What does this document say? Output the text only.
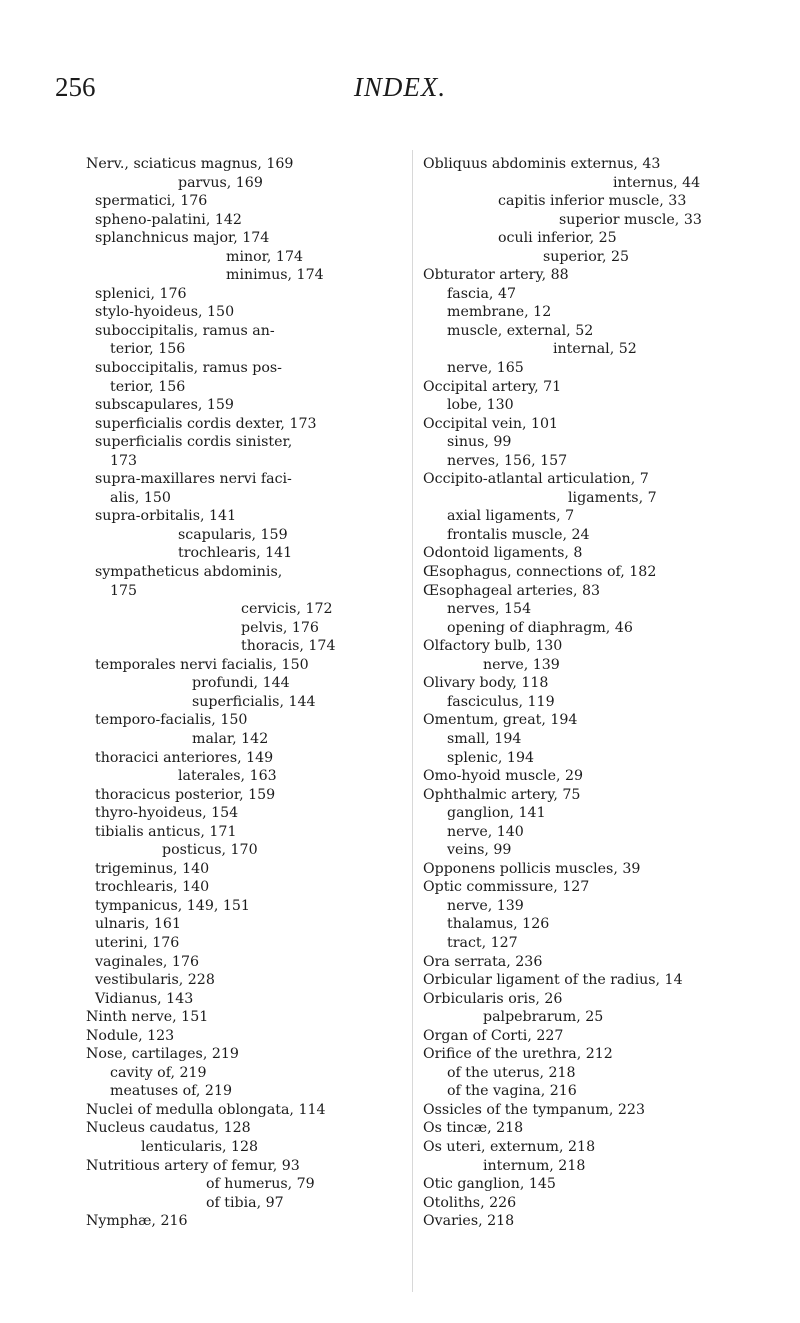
256	INDEX.
Nerv., sciaticus magnus, 169
parvus, 169
spermatici, 176
spheno-palatini, 142
splanchnicus major, 174
minor, 174
minimus, 174
splenici, 176
stylo-hyoideus, 150
suboccipitalis, ramus an-
terior, 156
suboccipitalis, ramus pos-
terior, 156
subscapulares, 159
superficialis cordis dexter, 173
superficialis cordis sinister,
173
supra-maxillares nervi faci-
alis, 150
supra-orbitalis, 141
scapularis, 159
trochlearis, 141
sympatheticus abdominis,
175
cervicis, 172
pelvis, 176
thoracis, 174
temporales nervi facialis, 150
profundi, 144
superficialis, 144
temporo-facialis, 150
malar, 142
thoracici anteriores, 149
laterales, 163
thoracicus posterior, 159
thyro-hyoideus, 154
tibialis anticus, 171
posticus, 170
trigeminus, 140
trochlearis, 140
tympanicus, 149, 151
ulnaris, 161
uterini, 176
vaginales, 176
vestibularis, 228
Vidianus, 143
Ninth nerve, 151
Nodule, 123
Nose, cartilages, 219
cavity of, 219
meatuses of, 219
Nuclei of medulla oblongata, 114
Nucleus caudatus, 128
lenticularis, 128
Nutritious artery of femur, 93
of humerus, 79
of tibia, 97
Nymphæ, 216
Obliquus abdominis externus, 43
internus, 44
capitis inferior muscle, 33
superior muscle, 33
oculi inferior, 25
superior, 25
Obturator artery, 88
fascia, 47
membrane, 12
muscle, external, 52
internal, 52
nerve, 165
Occipital artery, 71
lobe, 130
Occipital vein, 101
sinus, 99
nerves, 156, 157
Occipito-atlantal articulation, 7
ligaments, 7
axial ligaments, 7
frontalis muscle, 24
Odontoid ligaments, 8
Œsophagus, connections of, 182
Œsophageal arteries, 83
nerves, 154
opening of diaphragm, 46
Olfactory bulb, 130
nerve, 139
Olivary body, 118
fasciculus, 119
Omentum, great, 194
small, 194
splenic, 194
Omo-hyoid muscle, 29
Ophthalmic artery, 75
ganglion, 141
nerve, 140
veins, 99
Opponens pollicis muscles, 39
Optic commissure, 127
nerve, 139
thalamus, 126
tract, 127
Ora serrata, 236
Orbicular ligament of the radius, 14
Orbicularis oris, 26
palpebrarum, 25
Organ of Corti, 227
Orifice of the urethra, 212
of the uterus, 218
of the vagina, 216
Ossicles of the tympanum, 223
Os tincæ, 218
Os uteri, externum, 218
internum, 218
Otic ganglion, 145
Otoliths, 226
Ovaries, 218
